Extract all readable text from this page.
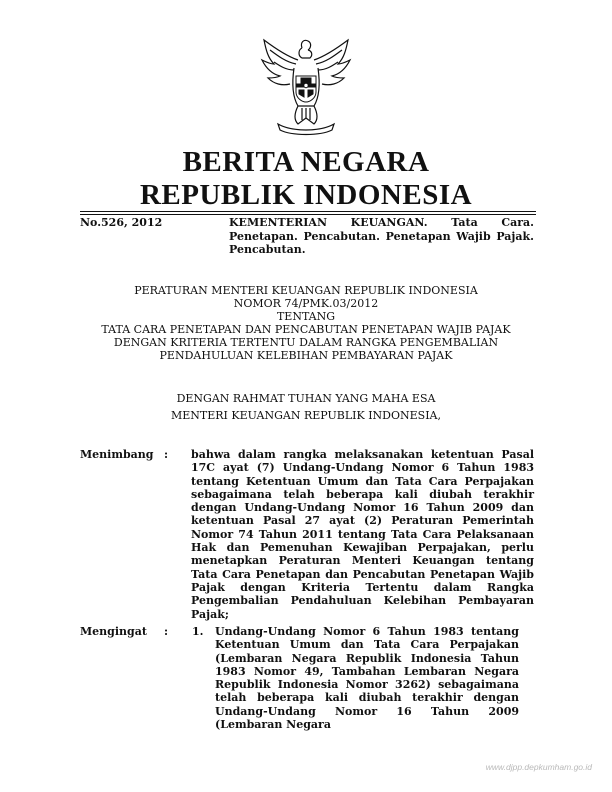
BERITA NEGARA
REPUBLIK INDONESIA
No.526, 2012	KEMENTERIAN KEUANGAN. Tata Cara. Penetapan. Pencabutan. Penetapan Wajib Pajak. Pencabutan.
PERATURAN MENTERI KEUANGAN REPUBLIK INDONESIA
NOMOR 74/PMK.03/2012
TENTANG
TATA CARA PENETAPAN DAN PENCABUTAN PENETAPAN WAJIB PAJAK
DENGAN KRITERIA TERTENTU DALAM RANGKA PENGEMBALIAN
PENDAHULUAN KELEBIHAN PEMBAYARAN PAJAK
DENGAN RAHMAT TUHAN YANG MAHA ESA
MENTERI KEUANGAN REPUBLIK INDONESIA,
Menimbang : bahwa dalam rangka melaksanakan ketentuan Pasal 17C ayat (7) Undang-Undang Nomor 6 Tahun 1983 tentang Ketentuan Umum dan Tata Cara Perpajakan sebagaimana telah beberapa kali diubah terakhir dengan Undang-Undang Nomor 16 Tahun 2009 dan ketentuan Pasal 27 ayat (2) Peraturan Pemerintah Nomor 74 Tahun 2011 tentang Tata Cara Pelaksanaan Hak dan Pemenuhan Kewajiban Perpajakan, perlu menetapkan Peraturan Menteri Keuangan tentang Tata Cara Penetapan dan Pencabutan Penetapan Wajib Pajak dengan Kriteria Tertentu dalam Rangka Pengembalian Pendahuluan Kelebihan Pembayaran Pajak;
Mengingat : 1. Undang-Undang Nomor 6 Tahun 1983 tentang Ketentuan Umum dan Tata Cara Perpajakan (Lembaran Negara Republik Indonesia Tahun 1983 Nomor 49, Tambahan Lembaran Negara Republik Indonesia Nomor 3262) sebagaimana telah beberapa kali diubah terakhir dengan Undang-Undang Nomor 16 Tahun 2009 (Lembaran Negara
www.djpp.depkumham.go.id
